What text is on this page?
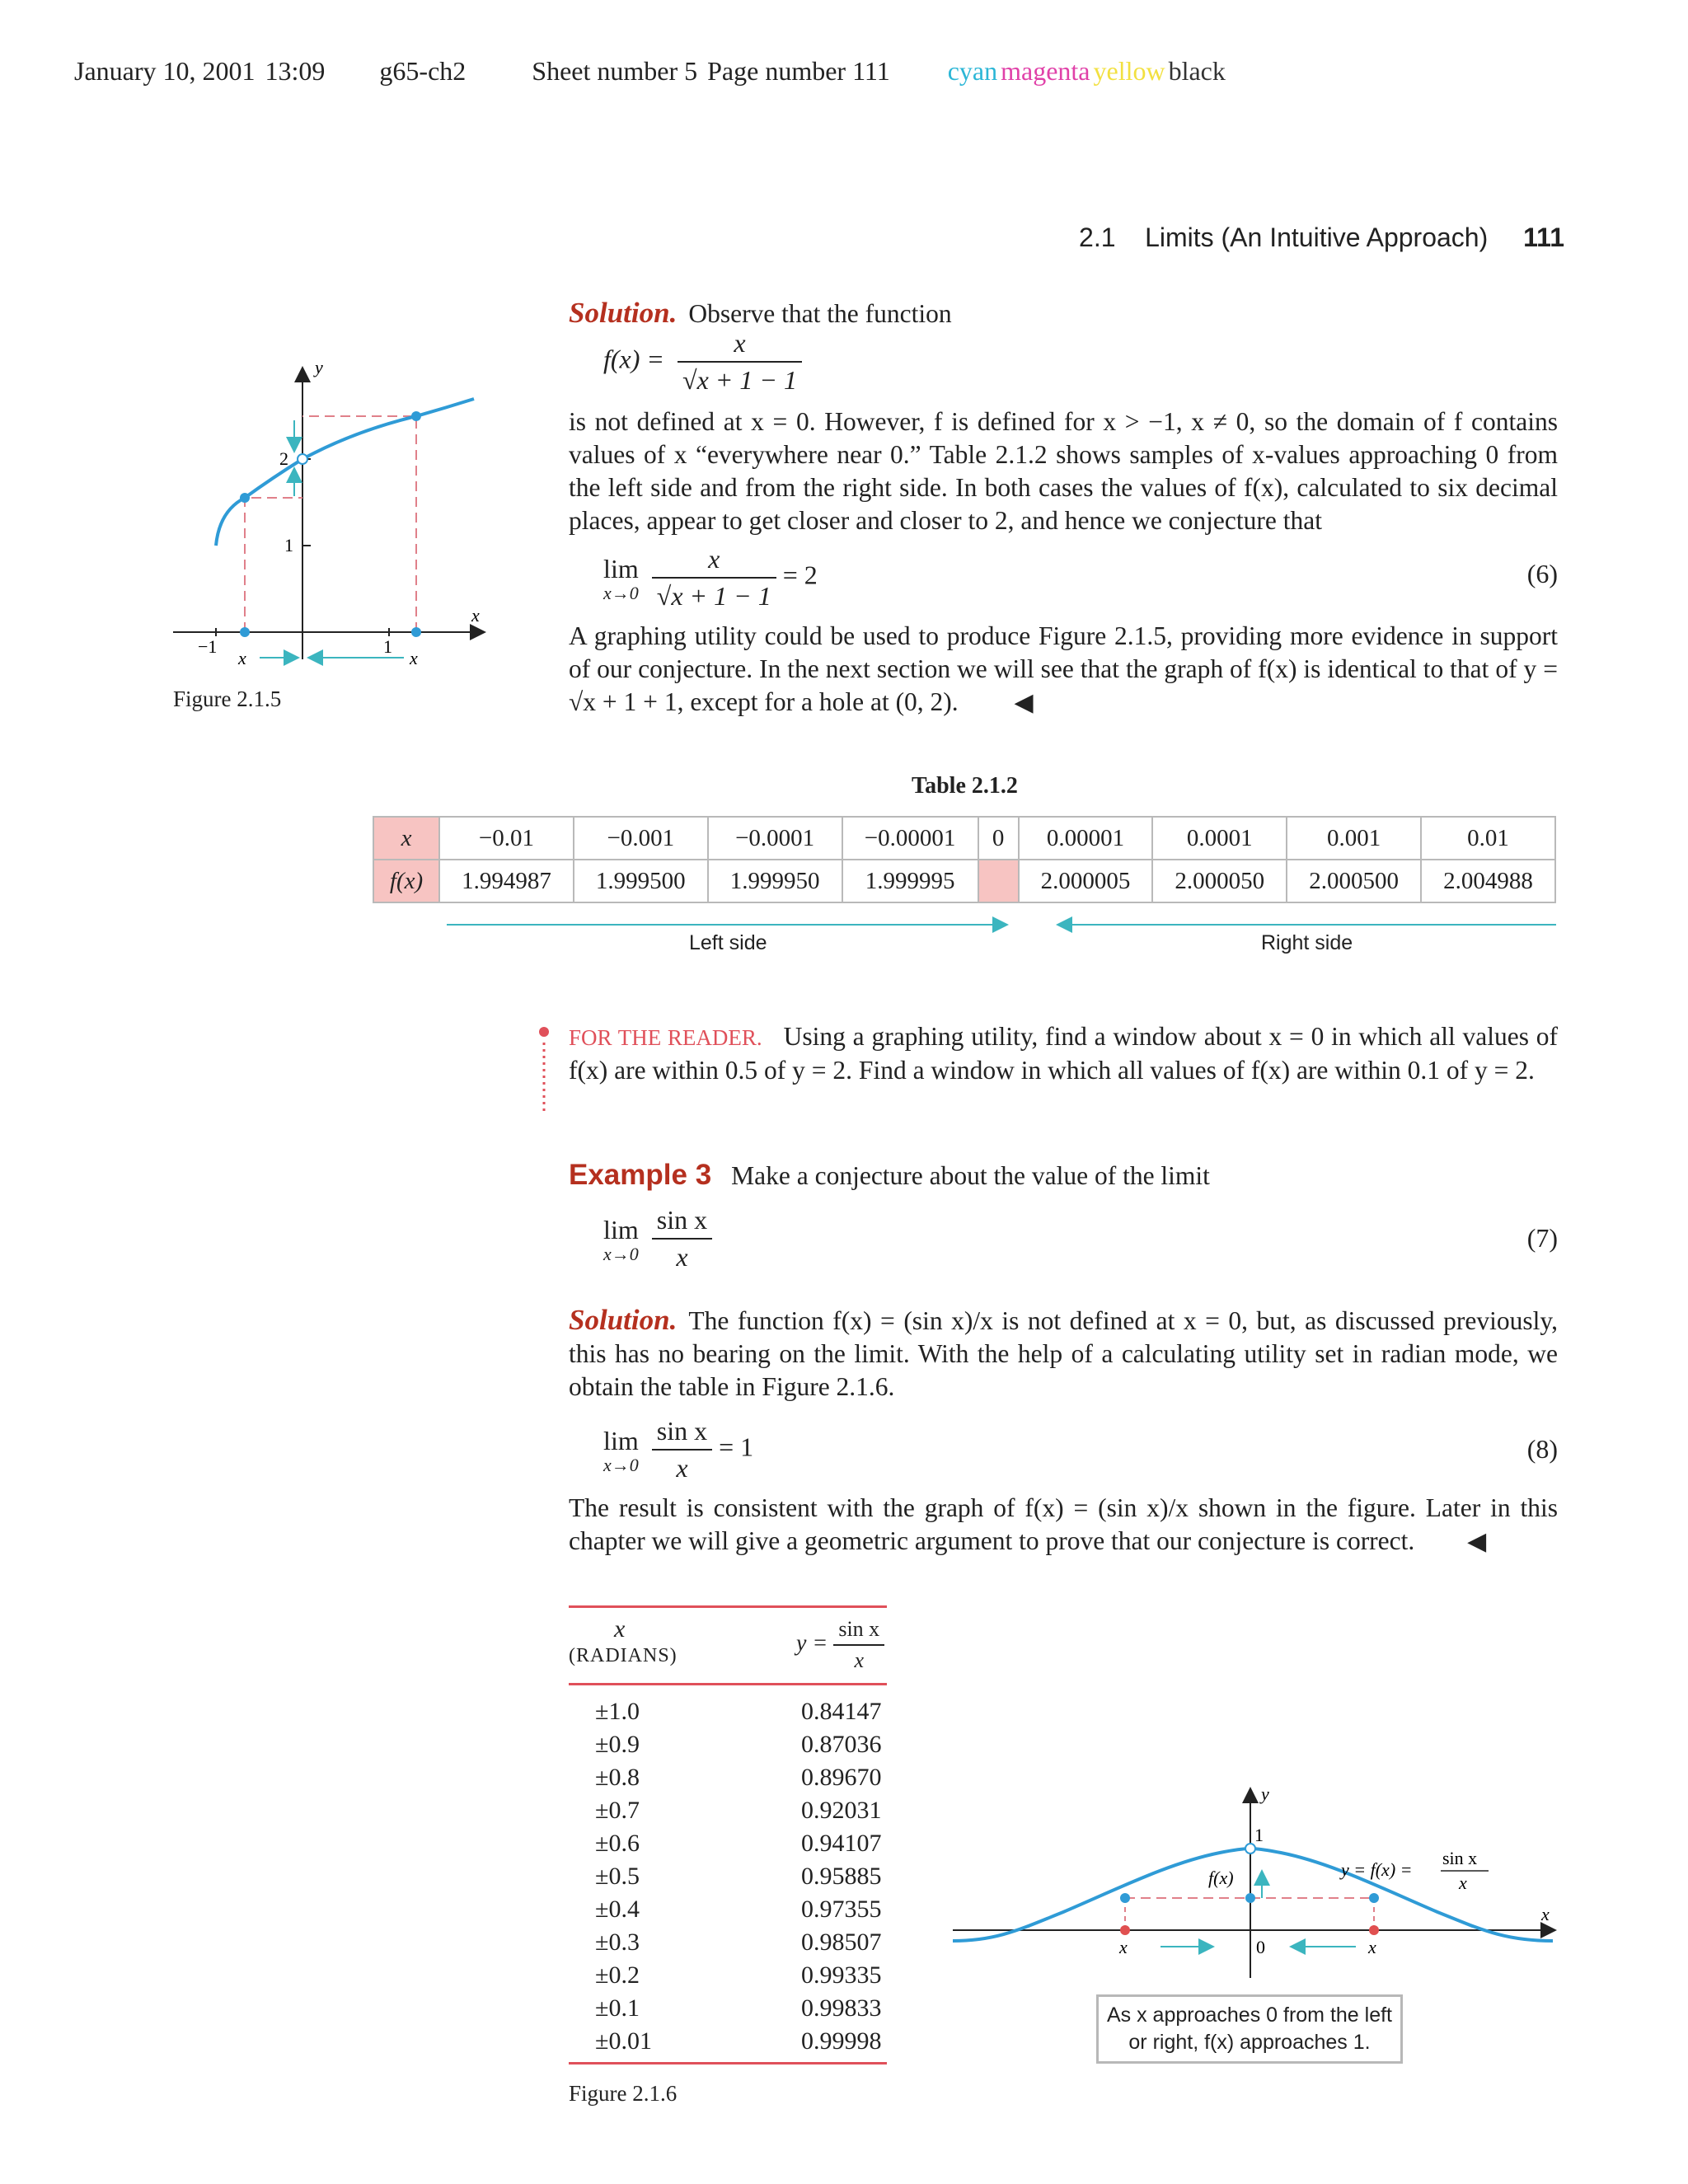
January 10, 2001 13:09 g65-ch2	Sheet number 5 Page number 111 cyan magenta yellow black
2.1 Limits (An Intuitive Approach) 111
y
x
2
1
−1	1
x	x
Figure 2.1.5
Solution. Observe that the function
$f(x) = \frac{x}{√x + 1 - 1}$
is not defined at x = 0. However, f is defined for x > −1, x ≠ 0, so the domain of f contains values of x “everywhere near 0.” Table 2.1.2 shows samples of x-values approaching 0 from the left side and from the right side. In both cases the values of f(x), calculated to six decimal places, appear to get closer and closer to 2, and hence we conjecture that
lim
x→0
$\frac{x}{√x + 1 - 1} = 2$	(6)
A graphing utility could be used to produce Figure 2.1.5, providing more evidence in support of our conjecture. In the next section we will see that the graph of f(x) is identical to that of y = √x + 1 + 1, except for a hole at (0, 2). ◀
Table 2.1.2
x	−0.01	−0.001	−0.0001	−0.00001	0	0.00001	0.0001	0.001	0.01
f(x)	1.994987	1.999500	1.999950	1.999995		2.000005	2.000050	2.000500	2.004988
Left side	Right side
FOR THE READER. Using a graphing utility, find a window about x = 0 in which all values of f(x) are within 0.5 of y = 2. Find a window in which all values of f(x) are within 0.1 of y = 2.
Example 3 Make a conjecture about the value of the limit
lim
x→0
$\frac{\text{sin x}}{x}$	(7)
Solution. The function f(x) = (sin x)/x is not defined at x = 0, but, as discussed previously, this has no bearing on the limit. With the help of a calculating utility set in radian mode, we obtain the table in Figure 2.1.6.
lim
x→0
$\frac{\text{sin x}}{x} = 1$	(8)
The result is consistent with the graph of f(x) = (sin x)/x shown in the figure. Later in this chapter we will give a geometric argument to prove that our conjecture is correct. ◀
x
(RADIANS)	$y = \frac{\text{sin x}}{x}$
±1.0	0.84147
±0.9	0.87036
±0.8	0.89670
±0.7	0.92031
±0.6	0.94107
±0.5	0.95885
±0.4	0.97355
±0.3	0.98507
±0.2	0.99335
±0.1	0.99833
±0.01	0.99998
Figure 2.1.6
y
x
1
0
f(x)
x	x
y = f(x) =
sin x
x
As x approaches 0 from the left or right, f(x) approaches 1.
